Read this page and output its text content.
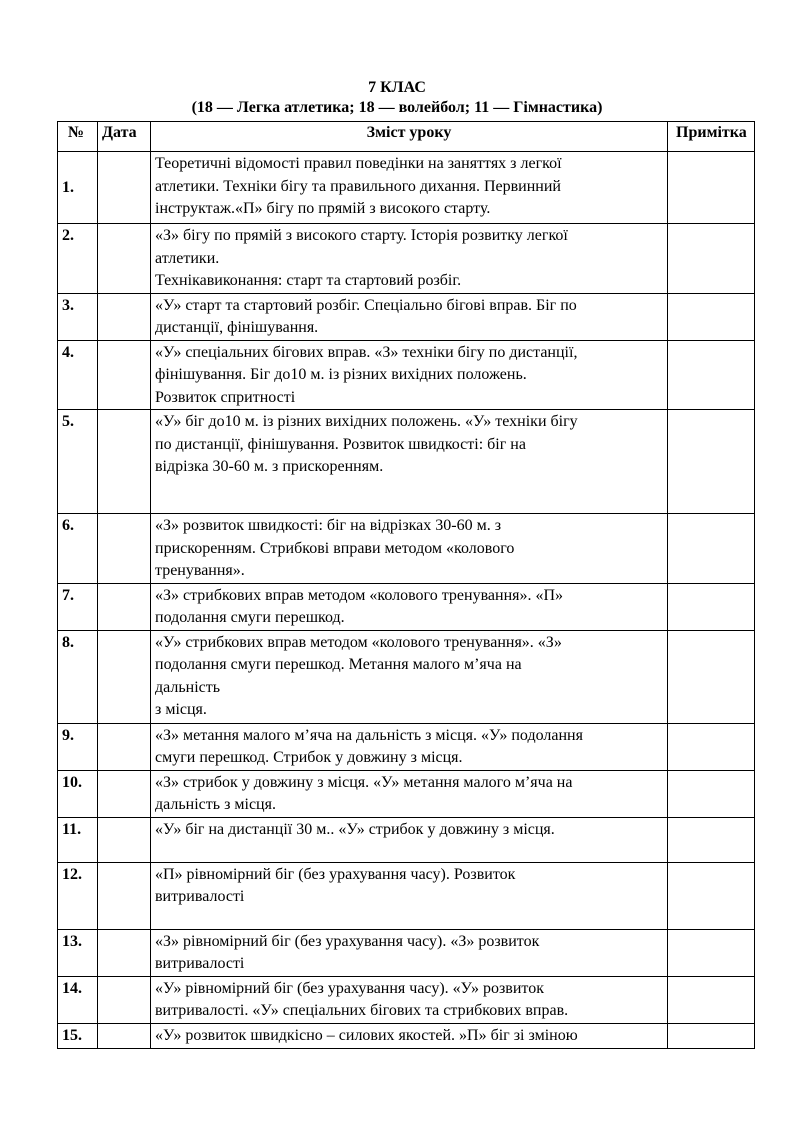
7 КЛАС
(18 — Легка атлетика; 18 — волейбол; 11 — Гімнастика)
№	Дата	Зміст уроку	Примітка
1.		Теоретичні відомості правил поведінки на заняттях з легкої
атлетики. Техніки бігу та правильного дихання. Первинний
інструктаж.«П» бігу по прямій з високого старту.	

2.		«З» бігу по прямій з високого старту. Історія розвитку легкої
атлетики.
Технікавиконання: старт та стартовий розбіг.	

3.		«У» старт та стартовий розбіг. Спеціально бігові вправ. Біг по
дистанції, фінішування.	

4.		«У» спеціальних бігових вправ. «З» техніки бігу по дистанції,
фінішування. Біг до10 м. із різних вихідних положень.
Розвиток спритності	

5.		«У» біг до10 м. із різних вихідних положень. «У» техніки бігу
по дистанції, фінішування. Розвиток швидкості: біг на
відрізка 30-60 м. з прискоренням.	

6.		«З» розвиток швидкості: біг на відрізках 30-60 м. з
прискоренням. Стрибкові вправи методом «колового
тренування».	

7.		«З» стрибкових вправ методом «колового тренування». «П»
подолання смуги перешкод.	

8.		«У» стрибкових вправ методом «колового тренування». «З»
подолання смуги перешкод. Метання малого м’яча на
дальність
з місця.	

9.		«З» метання малого м’яча на дальність з місця. «У» подолання
смуги перешкод. Стрибок у довжину з місця.	

10.		«З» стрибок у довжину з місця. «У» метання малого м’яча на
дальність з місця.	

11.		«У» біг на дистанції 30 м.. «У» стрибок у довжину з місця.	

12.		«П» рівномірний біг (без урахування часу). Розвиток
витривалості	

13.		«З» рівномірний біг (без урахування часу). «З» розвиток
витривалості	

14.		«У» рівномірний біг (без урахування часу). «У» розвиток
витривалості. «У» спеціальних бігових та стрибкових вправ.	

15.		«У» розвиток швидкісно – силових якостей. »П» біг зі зміною	
